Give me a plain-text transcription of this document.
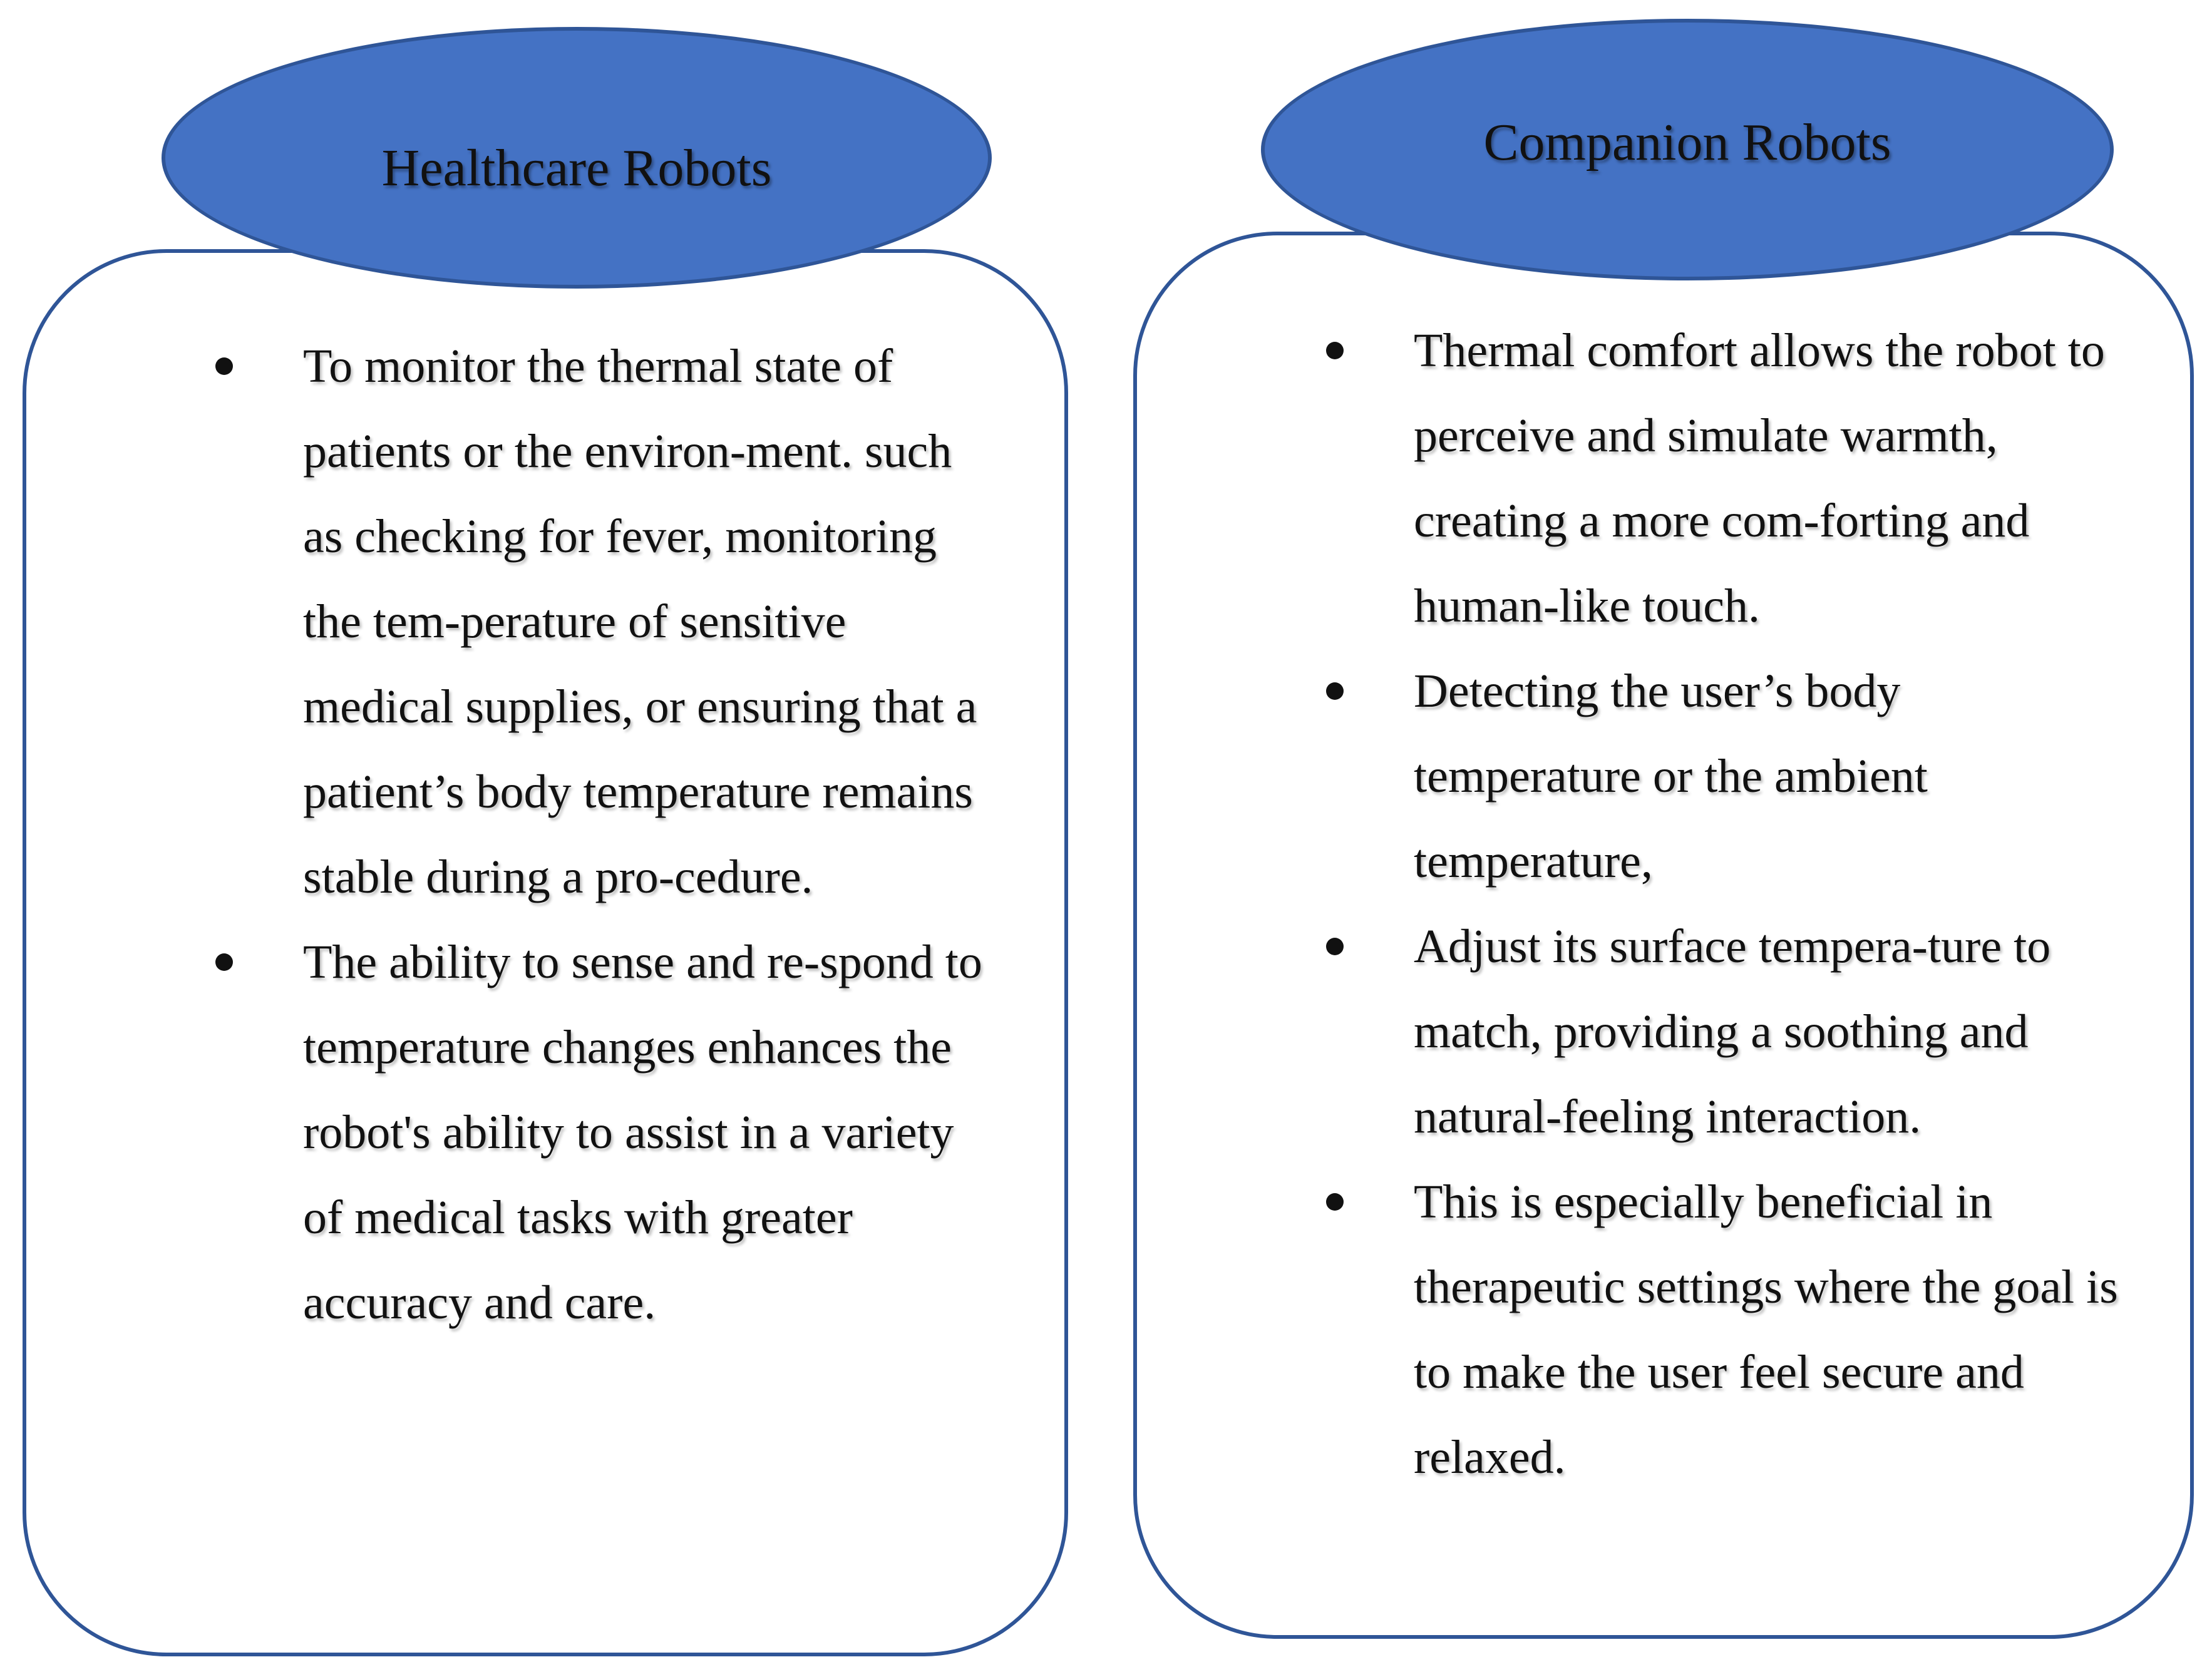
Healthcare Robots
To monitor the thermal state of patients or the environ-ment. such as checking for fever, monitoring the tem-perature of sensitive medical supplies, or ensuring that a patient’s body temperature remains stable during a pro-cedure.
The ability to sense and re-spond to temperature changes enhances the robot's ability to assist in a variety of medical tasks with greater accuracy and care.
Companion Robots
Thermal comfort allows the robot to perceive and simulate warmth, creating a more com-forting and human-like touch.
Detecting the user’s body temperature or the ambient temperature,
Adjust its surface tempera-ture to match, providing a soothing and natural-feeling interaction.
This is especially beneficial in therapeutic settings where the goal is to make the user feel secure and relaxed.
